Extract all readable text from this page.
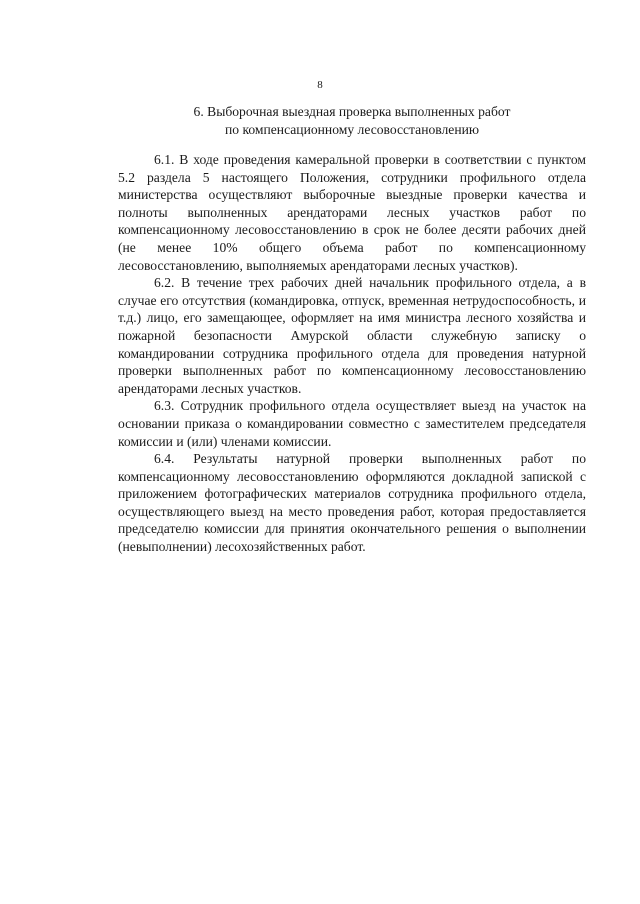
8
6. Выборочная выездная проверка выполненных работ
по компенсационному лесовосстановлению

6.1. В ходе проведения камеральной проверки в соответствии с пунктом 5.2 раздела 5 настоящего Положения, сотрудники профильного отдела министерства осуществляют выборочные выездные проверки качества и полноты выполненных арендаторами лесных участков работ по компенсационному лесовосстановлению в срок не более десяти рабочих дней (не менее 10% общего объема работ по компенсационному лесовосстановлению, выполняемых арендаторами лесных участков).

6.2. В течение трех рабочих дней начальник профильного отдела, а в случае его отсутствия (командировка, отпуск, временная нетрудоспособность, и т.д.) лицо, его замещающее, оформляет на имя министра лесного хозяйства и пожарной безопасности Амурской области служебную записку о командировании сотрудника профильного отдела для проведения натурной проверки выполненных работ по компенсационному лесовосстановлению арендаторами лесных участков.

6.3. Сотрудник профильного отдела осуществляет выезд на участок на основании приказа о командировании совместно с заместителем председателя комиссии и (или) членами комиссии.

6.4. Результаты натурной проверки выполненных работ по компенсационному лесовосстановлению оформляются докладной запиской с приложением фотографических материалов сотрудника профильного отдела, осуществляющего выезд на место проведения работ, которая предоставляется председателю комиссии для принятия окончательного решения о выполнении (невыполнении) лесохозяйственных работ.
